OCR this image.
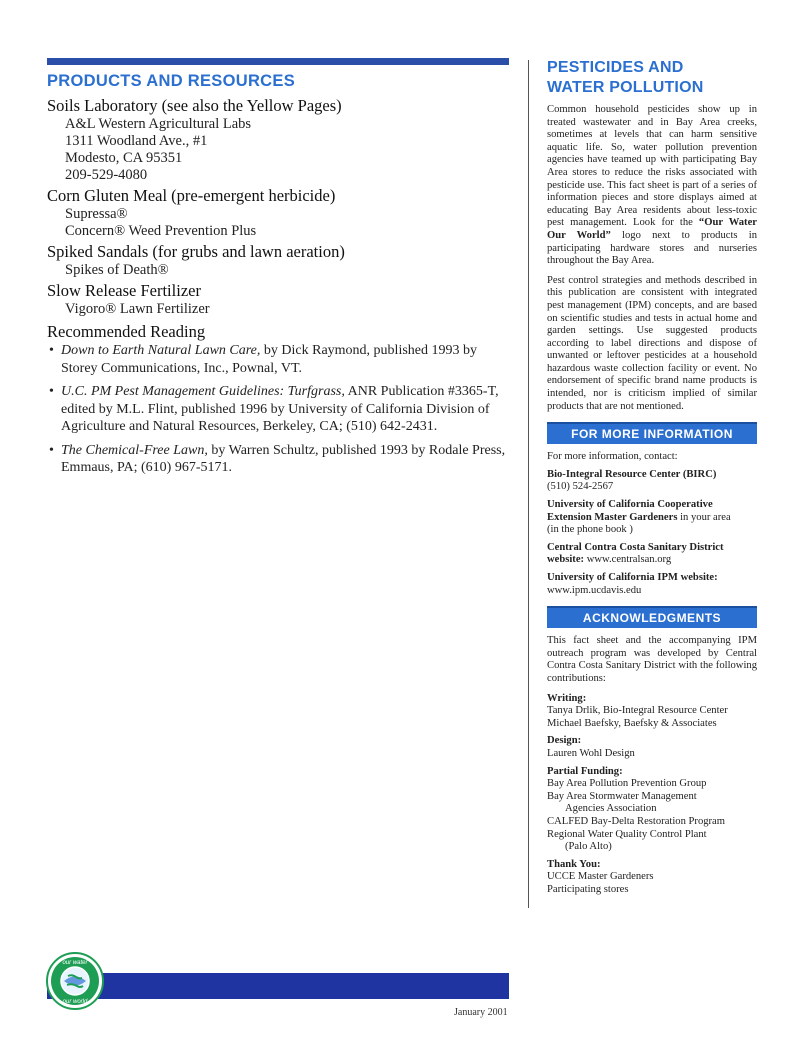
PRODUCTS AND RESOURCES
Soils Laboratory (see also the Yellow Pages)
A&L Western Agricultural Labs
1311 Woodland Ave., #1
Modesto, CA 95351
209-529-4080
Corn Gluten Meal (pre-emergent herbicide)
Supressa®
Concern® Weed Prevention Plus
Spiked Sandals (for grubs and lawn aeration)
Spikes of Death®
Slow Release Fertilizer
Vigoro® Lawn Fertilizer
Recommended Reading
• Down to Earth Natural Lawn Care, by Dick Raymond, published 1993 by
Storey Communications, Inc., Pownal, VT.
• U.C. PM Pest Management Guidelines: Turfgrass, ANR Publication #3365-T,
edited by M.L. Flint, published 1996 by University of California Division of Agriculture and Natural Resources, Berkeley, CA; (510) 642-2431.
• The Chemical-Free Lawn, by Warren Schultz, published 1993 by Rodale Press,
Emmaus, PA; (610) 967-5171.
PESTICIDES AND
WATER POLLUTION

Common household pesticides show up in treated wastewater and in Bay Area creeks, sometimes at levels that can harm sensitive aquatic life. So, water pollution prevention agencies have teamed up with participating Bay Area stores to reduce the risks associated with pesticide use. This fact sheet is part of a series of information pieces and store displays aimed at educating Bay Area residents about less-toxic pest management. Look for the “Our Water Our World” logo next to products in participating hardware stores and nurseries throughout the Bay Area.

Pest control strategies and methods described in this publication are consistent with integrated pest management (IPM) concepts, and are based on scientific studies and tests in actual home and garden settings. Use suggested products according to label directions and dispose of unwanted or leftover pesticides at a household hazardous waste collection facility or event. No endorsement of specific brand name products is intended, nor is criticism implied of similar products that are not mentioned.

FOR MORE INFORMATION

For more information, contact:

Bio-Integral Resource Center (BIRC)
(510) 524-2567

University of California Cooperative Extension Master Gardeners in your area
(in the phone book )

Central Contra Costa Sanitary District website: www.centralsan.org

University of California IPM website:
www.ipm.ucdavis.edu

ACKNOWLEDGMENTS

This fact sheet and the accompanying IPM outreach program was developed by Central Contra Costa Sanitary District with the following contributions:

Writing:
Tanya Drlik, Bio-Integral Resource Center
Michael Baefsky, Baefsky & Associates
Design:
Lauren Wohl Design
Partial Funding:
Bay Area Pollution Prevention Group
Bay Area Stormwater Management
Agencies Association
CALFED Bay-Delta Restoration Program
Regional Water Quality Control Plant
(Palo Alto)
Thank You:
UCCE Master Gardeners
Participating stores
our water
our world
January 2001
